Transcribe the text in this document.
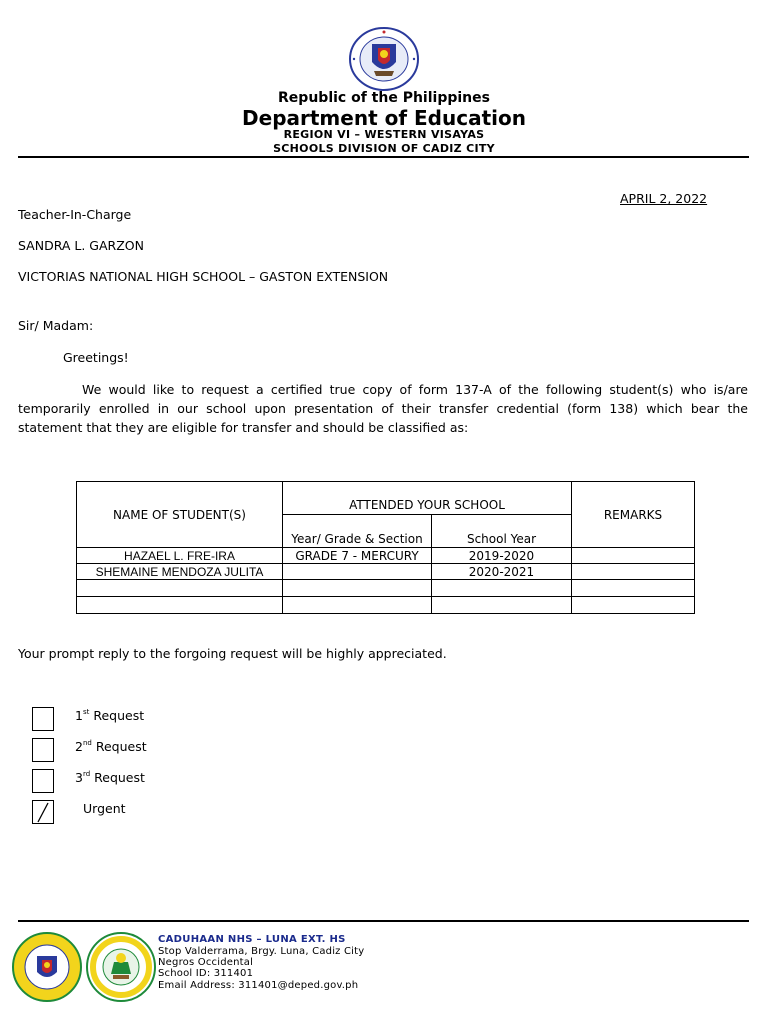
Republic of the Philippines
Department of Education
REGION VI – WESTERN VISAYAS
SCHOOLS DIVISION OF CADIZ CITY
APRIL 2, 2022
Teacher-In-Charge
SANDRA L. GARZON
VICTORIAS NATIONAL HIGH SCHOOL – GASTON EXTENSION
Sir/ Madam:
Greetings!
We would like to request a certified true copy of form 137-A of the following student(s) who is/are temporarily enrolled in our school upon presentation of their transfer credential (form 138) which bear the statement that they are eligible for transfer and should be classified as:
NAME OF STUDENT(S)	ATTENDED YOUR SCHOOL		REMARKS
	Year/ Grade & Section	School Year	
HAZAEL L. FRE-IRA	GRADE 7 - MERCURY	2019-2020	
SHEMAINE MENDOZA JULITA		2020-2021	

Your prompt reply to the forgoing request will be highly appreciated.
1st Request
2nd Request
3rd Request
Urgent
CADUHAAN NHS – LUNA EXT. HS
Stop Valderrama, Brgy. Luna, Cadiz City
Negros Occidental
School ID: 311401
Email Address: 311401@deped.gov.ph
